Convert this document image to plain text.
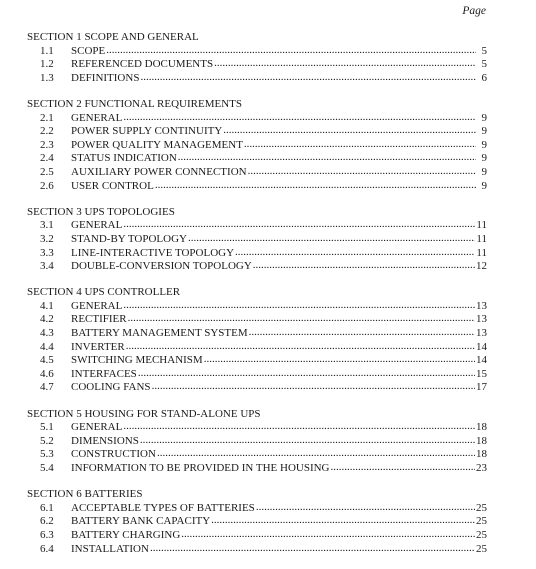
Page
SECTION 1 SCOPE AND GENERAL
1.1	SCOPE .....	5
1.2	REFERENCED DOCUMENTS .....	5
1.3	DEFINITIONS .....	6
SECTION 2 FUNCTIONAL REQUIREMENTS
2.1	GENERAL .....	9
2.2	POWER SUPPLY CONTINUITY .....	9
2.3	POWER QUALITY MANAGEMENT .....	9
2.4	STATUS INDICATION .....	9
2.5	AUXILIARY POWER CONNECTION .....	9
2.6	USER CONTROL .....	9
SECTION 3 UPS TOPOLOGIES
3.1	GENERAL .....	11
3.2	STAND-BY TOPOLOGY .....	11
3.3	LINE-INTERACTIVE TOPOLOGY .....	11
3.4	DOUBLE-CONVERSION TOPOLOGY .....	12
SECTION 4 UPS CONTROLLER
4.1	GENERAL .....	13
4.2	RECTIFIER .....	13
4.3	BATTERY MANAGEMENT SYSTEM .....	13
4.4	INVERTER .....	14
4.5	SWITCHING MECHANISM .....	14
4.6	INTERFACES .....	15
4.7	COOLING FANS .....	17
SECTION 5 HOUSING FOR STAND-ALONE UPS
5.1	GENERAL .....	18
5.2	DIMENSIONS .....	18
5.3	CONSTRUCTION .....	18
5.4	INFORMATION TO BE PROVIDED IN THE HOUSING .....	23
SECTION 6 BATTERIES
6.1	ACCEPTABLE TYPES OF BATTERIES .....	25
6.2	BATTERY BANK CAPACITY .....	25
6.3	BATTERY CHARGING .....	25
6.4	INSTALLATION .....	25
